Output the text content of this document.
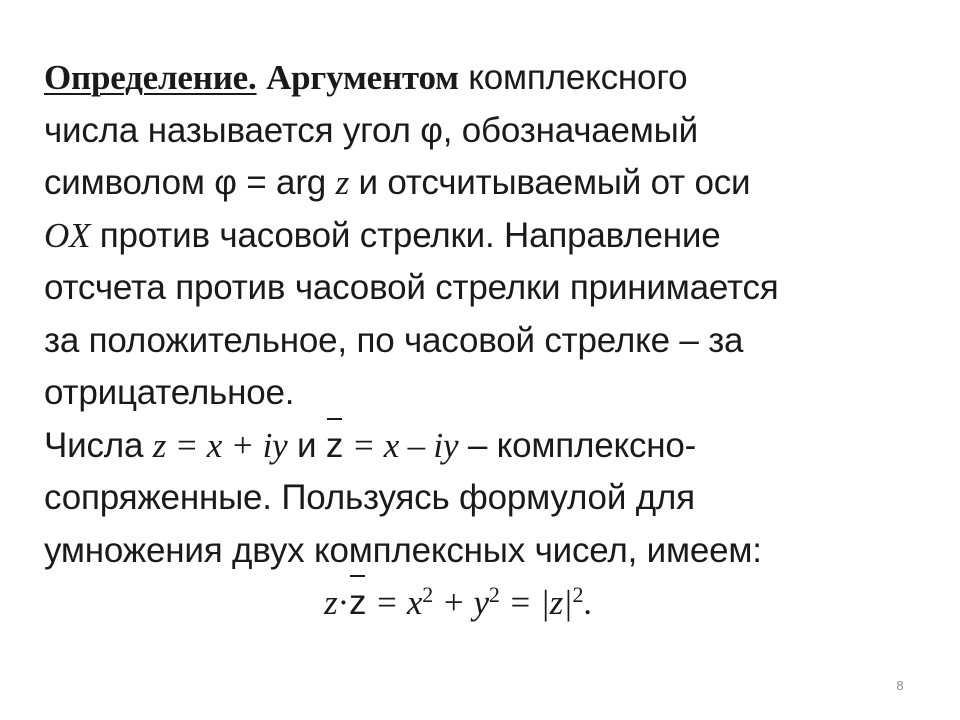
Определение. Аргументом комплексного
числа называется угол φ, обозначаемый
символом φ = arg z и отсчитываемый от оси
OX против часовой стрелки. Направление
отсчета против часовой стрелки принимается
за положительное, по часовой стрелке – за
отрицательное.
Числа z = x + iy и z = x – iy – комплексно-
сопряженные. Пользуясь формулой для
умножения двух комплексных чисел, имеем:
$z\cdot z = x^2 + y^2 = |z|^2$.
8
